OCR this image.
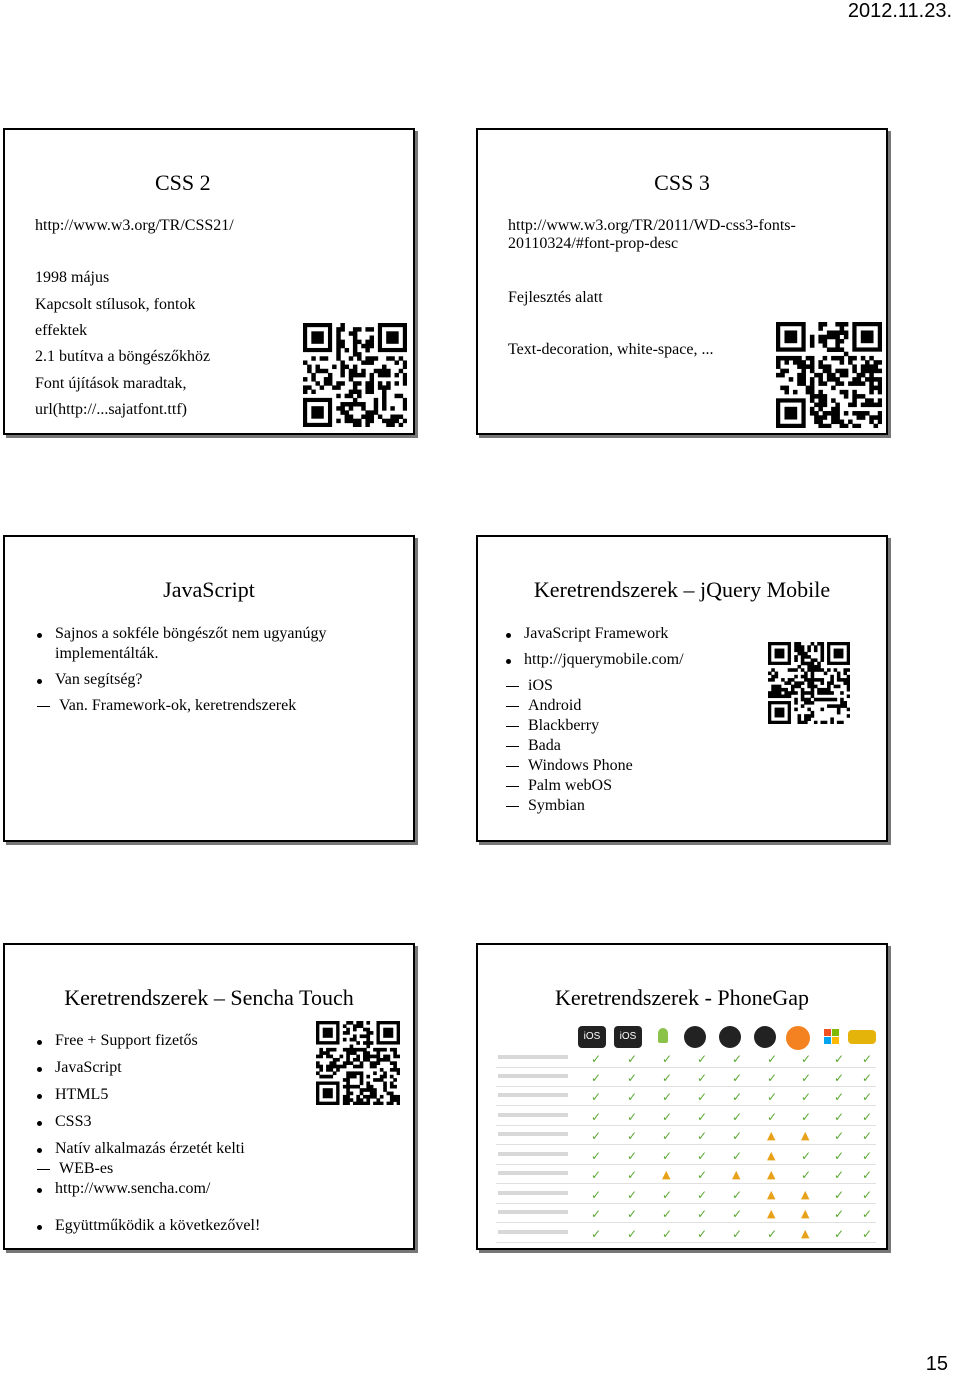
2012.11.23.
CSS 2
http://www.w3.org/TR/CSS21/
1998 május
Kapcsolt stílusok, fontok
effektek
2.1 butítva a böngészőkhöz
Font újítások maradtak,
url(http://...sajatfont.ttf)
CSS 3
http://www.w3.org/TR/2011/WD-css3-fonts-
20110324/#font-prop-desc
Fejlesztés alatt
Text-decoration, white-space, ...
JavaScript
Sajnos a sokféle böngészőt nem ugyanúgy
implementálták.
Van segítség?
Van. Framework-ok, keretrendszerek
Keretrendszerek – jQuery Mobile
JavaScript Framework
http://jquerymobile.com/
iOS
Android
Blackberry
Bada
Windows Phone
Palm webOS
Symbian
Keretrendszerek – Sencha Touch
Free + Support fizetős
JavaScript
HTML5
CSS3
Natív alkalmazás érzetét kelti
WEB-es
http://www.sencha.com/
Együttműködik a következővel!
Keretrendszerek - PhoneGap
iOS	iOS
✓ ✓ ✓ ✓ ✓ ✓ ✓ ✓ ✓
✓ ✓ ✓ ✓ ✓ ✓ ✓ ✓ ✓
✓ ✓ ✓ ✓ ✓ ✓ ✓ ✓ ✓
✓ ✓ ✓ ✓ ✓ ✓ ✓ ✓ ✓
✓ ✓ ✓ ✓ ✓ ▲ ▲ ✓ ✓
✓ ✓ ✓ ✓ ✓ ▲ ✓ ✓ ✓
✓ ✓ ▲ ✓ ▲ ▲ ✓ ✓ ✓
✓ ✓ ✓ ✓ ✓ ▲ ▲ ✓ ✓
✓ ✓ ✓ ✓ ✓ ▲ ▲ ✓ ✓
✓ ✓ ✓ ✓ ✓ ✓ ▲ ✓ ✓
15
